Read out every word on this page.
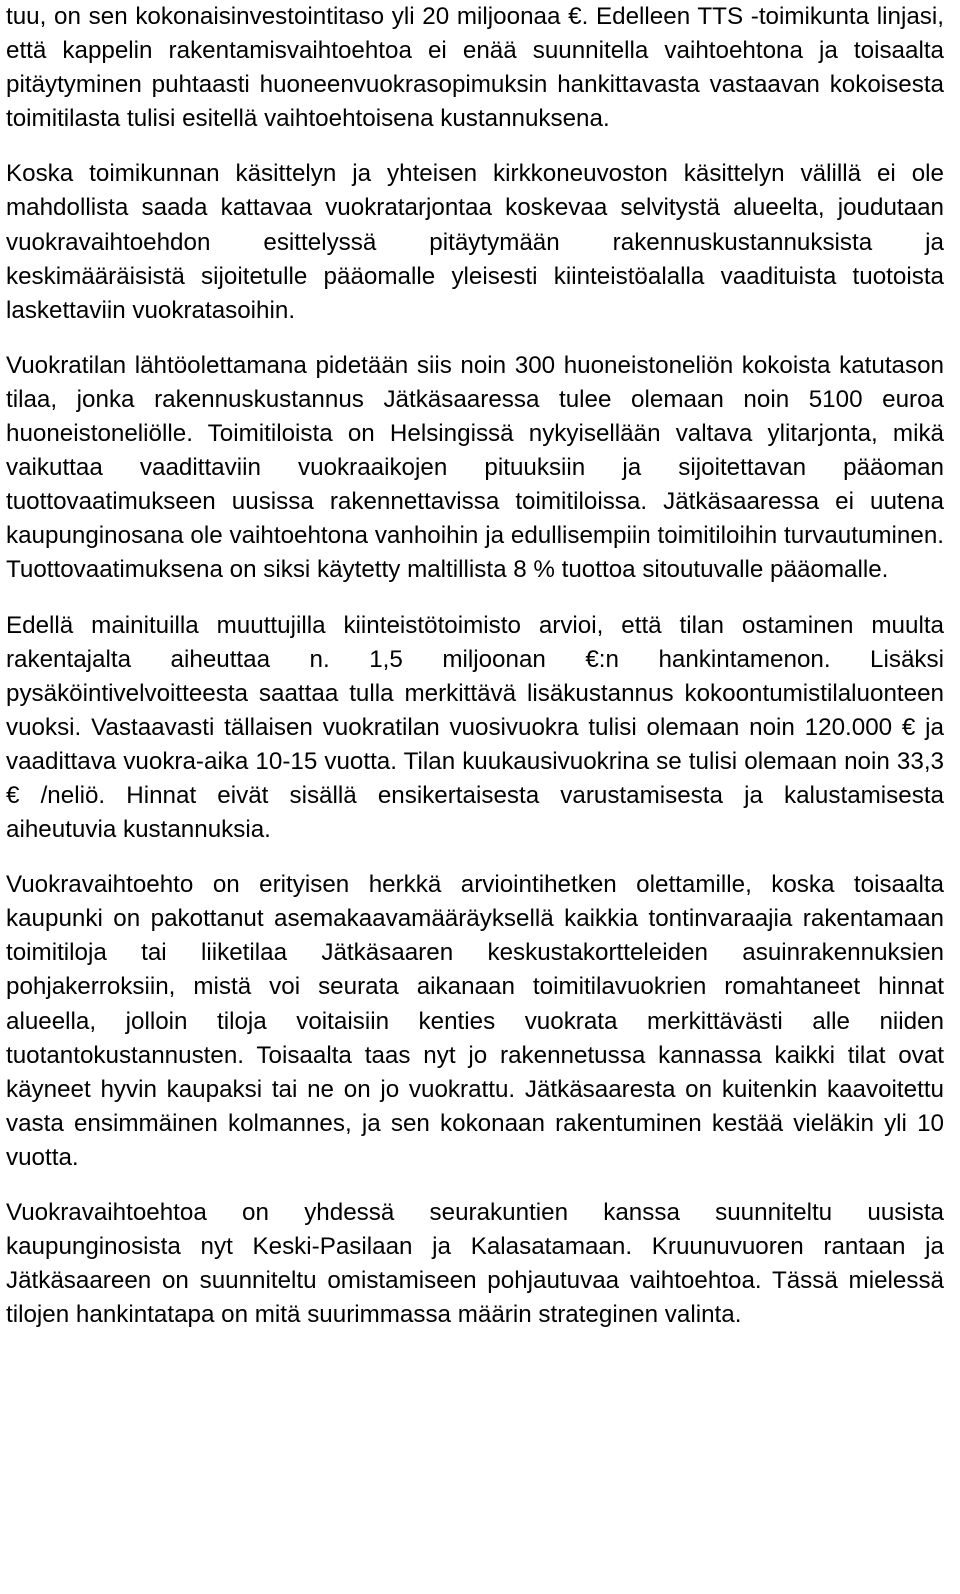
tuu, on sen kokonaisinvestointitaso yli 20 miljoonaa €. Edelleen TTS -toimikunta linjasi, että kappelin rakentamisvaihtoehtoa ei enää suunnitella vaihtoehtona ja toisaalta pitäytyminen puhtaasti huoneenvuokrasopimuksin hankittavasta vastaavan kokoisesta toimitilasta tulisi esitellä vaihtoehtoisena kustannuksena.

Koska toimikunnan käsittelyn ja yhteisen kirkkoneuvoston käsittelyn välillä ei ole mahdollista saada kattavaa vuokratarjontaa koskevaa selvitystä alueelta, joudutaan vuokravaihtoehdon esittelyssä pitäytymään rakennuskustannuksista ja keskimääräisistä sijoitetulle pääomalle yleisesti kiinteistöalalla vaadituista tuotoista laskettaviin vuokratasoihin.

Vuokratilan lähtöolettamana pidetään siis noin 300 huoneistoneliön kokoista katutason tilaa, jonka rakennuskustannus Jätkäsaaressa tulee olemaan noin 5100 euroa huoneistoneliölle. Toimitiloista on Helsingissä nykyisellään valtava ylitarjonta, mikä vaikuttaa vaadittaviin vuokraaikojen pituuksiin ja sijoitettavan pääoman tuottovaatimukseen uusissa rakennettavissa toimitiloissa. Jätkäsaaressa ei uutena kaupunginosana ole vaihtoehtona vanhoihin ja edullisempiin toimitiloihin turvautuminen. Tuottovaatimuksena on siksi käytetty maltillista 8 % tuottoa sitoutuvalle pääomalle.

Edellä mainituilla muuttujilla kiinteistötoimisto arvioi, että tilan ostaminen muulta rakentajalta aiheuttaa n. 1,5 miljoonan €:n hankintamenon. Lisäksi pysäköintivelvoitteesta saattaa tulla merkittävä lisäkustannus kokoontumistilaluonteen vuoksi. Vastaavasti tällaisen vuokratilan vuosivuokra tulisi olemaan noin 120.000 € ja vaadittava vuokra-aika 10-15 vuotta. Tilan kuukausivuokrina se tulisi olemaan noin 33,3 € /neliö. Hinnat eivät sisällä ensikertaisesta varustamisesta ja kalustamisesta aiheutuvia kustannuksia.

Vuokravaihtoehto on erityisen herkkä arviointihetken olettamille, koska toisaalta kaupunki on pakottanut asemakaavamääräyksellä kaikkia tontinvaraajia rakentamaan toimitiloja tai liiketilaa Jätkäsaaren keskustakortteleiden asuinrakennuksien pohjakerroksiin, mistä voi seurata aikanaan toimitilavuokrien romahtaneet hinnat alueella, jolloin tiloja voitaisiin kenties vuokrata merkittävästi alle niiden tuotantokustannusten. Toisaalta taas nyt jo rakennetussa kannassa kaikki tilat ovat käyneet hyvin kaupaksi tai ne on jo vuokrattu. Jätkäsaaresta on kuitenkin kaavoitettu vasta ensimmäinen kolmannes, ja sen kokonaan rakentuminen kestää vieläkin yli 10 vuotta.

Vuokravaihtoehtoa on yhdessä seurakuntien kanssa suunniteltu uusista kaupunginosista nyt Keski-Pasilaan ja Kalasatamaan. Kruunuvuoren rantaan ja Jätkäsaareen on suunniteltu omistamiseen pohjautuvaa vaihtoehtoa. Tässä mielessä tilojen hankintatapa on mitä suurimmassa määrin strateginen valinta.
